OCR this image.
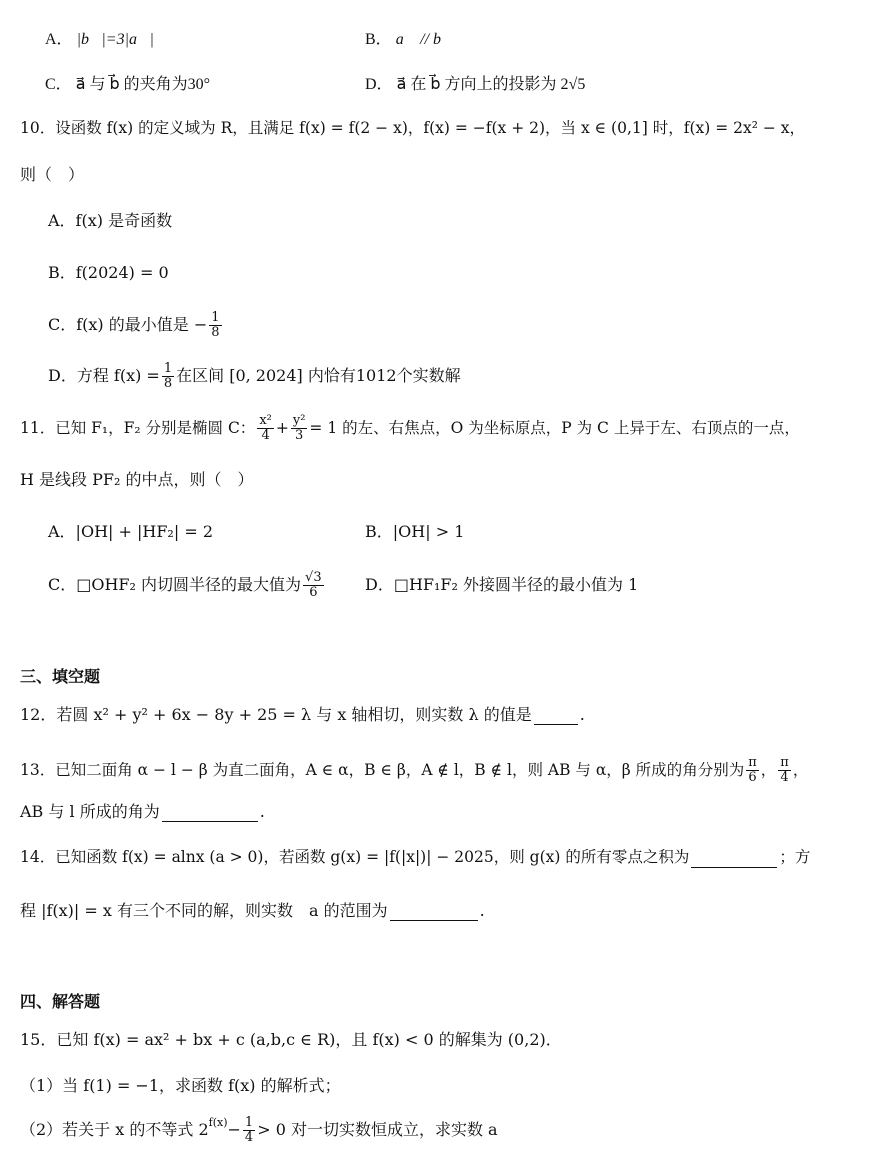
A． |b⃗|=3|a⃗|	B． a⃗ // b⃗
C． a⃗ 与 b⃗ 的夹角为30°	D． a⃗ 在 b⃗ 方向上的投影为 2√5
10．设函数 f(x) 的定义域为 R，且满足 f(x) = f(2 − x)，f(x) = −f(x + 2)，当 x ∈ (0,1] 时，f(x) = 2x² − x，
则（　）
A．f(x) 是奇函数
B．f(2024) = 0
C．f(x) 的最小值是 − $\frac{1}{8}$
D．方程 $f(x) = \frac{1}{8}$ 在区间 [0, 2024] 内恰有1012个实数解
11．已知 F₁，F₂ 分别是椭圆 C： $\frac{\text{x²}}{4} + \frac{\text{y²}}{3} = 1$ 的左、右焦点，O 为坐标原点，P 为 C 上异于左、右顶点的一点，
H 是线段 PF₂ 的中点，则（　）
A．|OH| + |HF₂| = 2	B．|OH| > 1
C．□OHF₂ 内切圆半径的最大值为 $\frac{√3}{6}$	D．□HF₁F₂ 外接圆半径的最小值为 1
三、填空题
12．若圆 x² + y² + 6x − 8y + 25 = λ 与 x 轴相切，则实数 λ 的值是	.
13．已知二面角 α − l − β 为直二面角，A ∈ α，B ∈ β，A ∉ l，B ∉ l，则 AB 与 α，β 所成的角分别为 $\frac{\pi}{6}$ ， $\frac{\pi}{4}$ ，
AB 与 l 所成的角为	.
14．已知函数 f(x) = alnx (a > 0)，若函数 g(x) = |f(|x|)| − 2025，则 g(x) 的所有零点之积为	；方
程 |f(x)| = x 有三个不同的解，则实数　a 的范围为	.
四、解答题
15．已知 f(x) = ax² + bx + c (a,b,c ∈ R)，且 f(x) < 0 的解集为 (0,2)．
（1）当 f(1) = −1，求函数 f(x) 的解析式；
（2）若关于 x 的不等式 $2^{f(x)} - \frac{1}{4} > 0$ 对一切实数恒成立，求实数 a
